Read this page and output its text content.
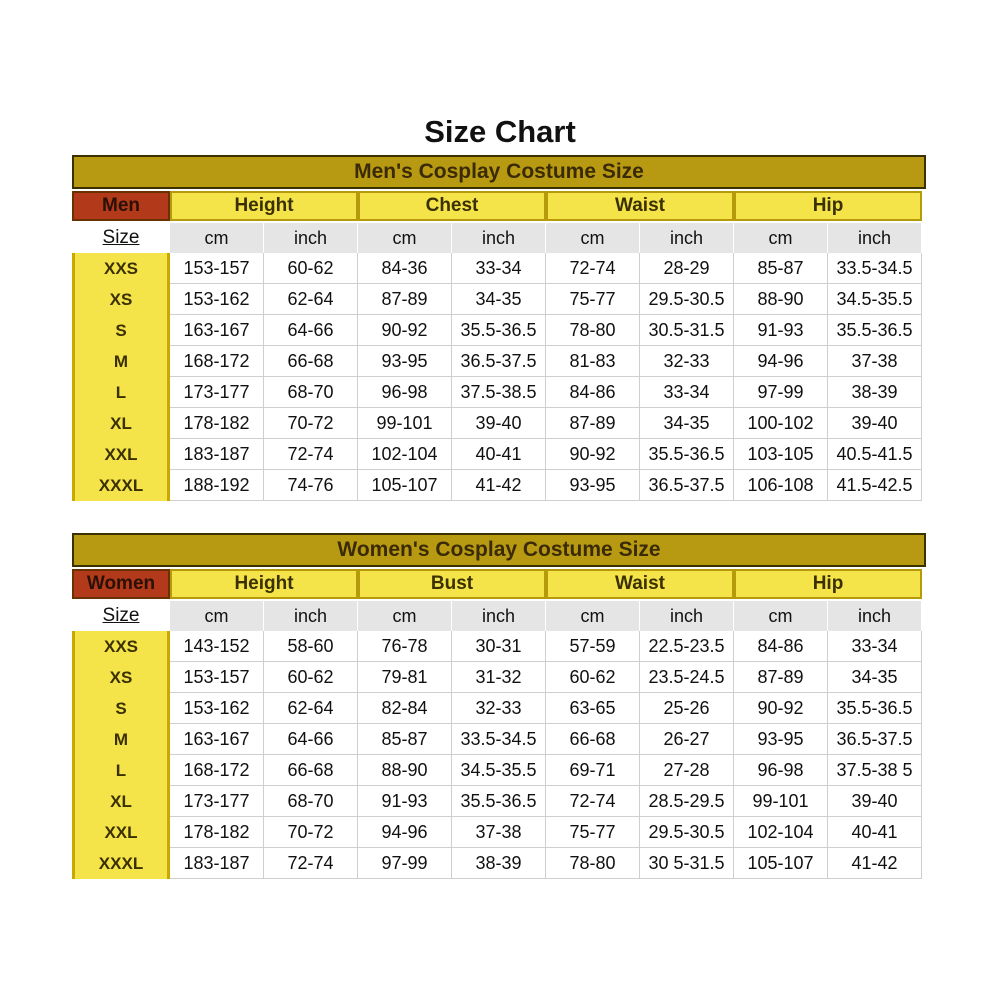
Size Chart
Men's Cosplay Costume Size
Men	Height	Chest	Waist	Hip
Size	cm	inch	cm	inch	cm	inch	cm	inch
XXS	153-157	60-62	84-36	33-34	72-74	28-29	85-87	33.5-34.5
XS	153-162	62-64	87-89	34-35	75-77	29.5-30.5	88-90	34.5-35.5
S	163-167	64-66	90-92	35.5-36.5	78-80	30.5-31.5	91-93	35.5-36.5
M	168-172	66-68	93-95	36.5-37.5	81-83	32-33	94-96	37-38
L	173-177	68-70	96-98	37.5-38.5	84-86	33-34	97-99	38-39
XL	178-182	70-72	99-101	39-40	87-89	34-35	100-102	39-40
XXL	183-187	72-74	102-104	40-41	90-92	35.5-36.5	103-105	40.5-41.5
XXXL	188-192	74-76	105-107	41-42	93-95	36.5-37.5	106-108	41.5-42.5
Women's Cosplay Costume Size
Women	Height	Bust	Waist	Hip
Size	cm	inch	cm	inch	cm	inch	cm	inch
XXS	143-152	58-60	76-78	30-31	57-59	22.5-23.5	84-86	33-34
XS	153-157	60-62	79-81	31-32	60-62	23.5-24.5	87-89	34-35
S	153-162	62-64	82-84	32-33	63-65	25-26	90-92	35.5-36.5
M	163-167	64-66	85-87	33.5-34.5	66-68	26-27	93-95	36.5-37.5
L	168-172	66-68	88-90	34.5-35.5	69-71	27-28	96-98	37.5-38 5
XL	173-177	68-70	91-93	35.5-36.5	72-74	28.5-29.5	99-101	39-40
XXL	178-182	70-72	94-96	37-38	75-77	29.5-30.5	102-104	40-41
XXXL	183-187	72-74	97-99	38-39	78-80	30 5-31.5	105-107	41-42
